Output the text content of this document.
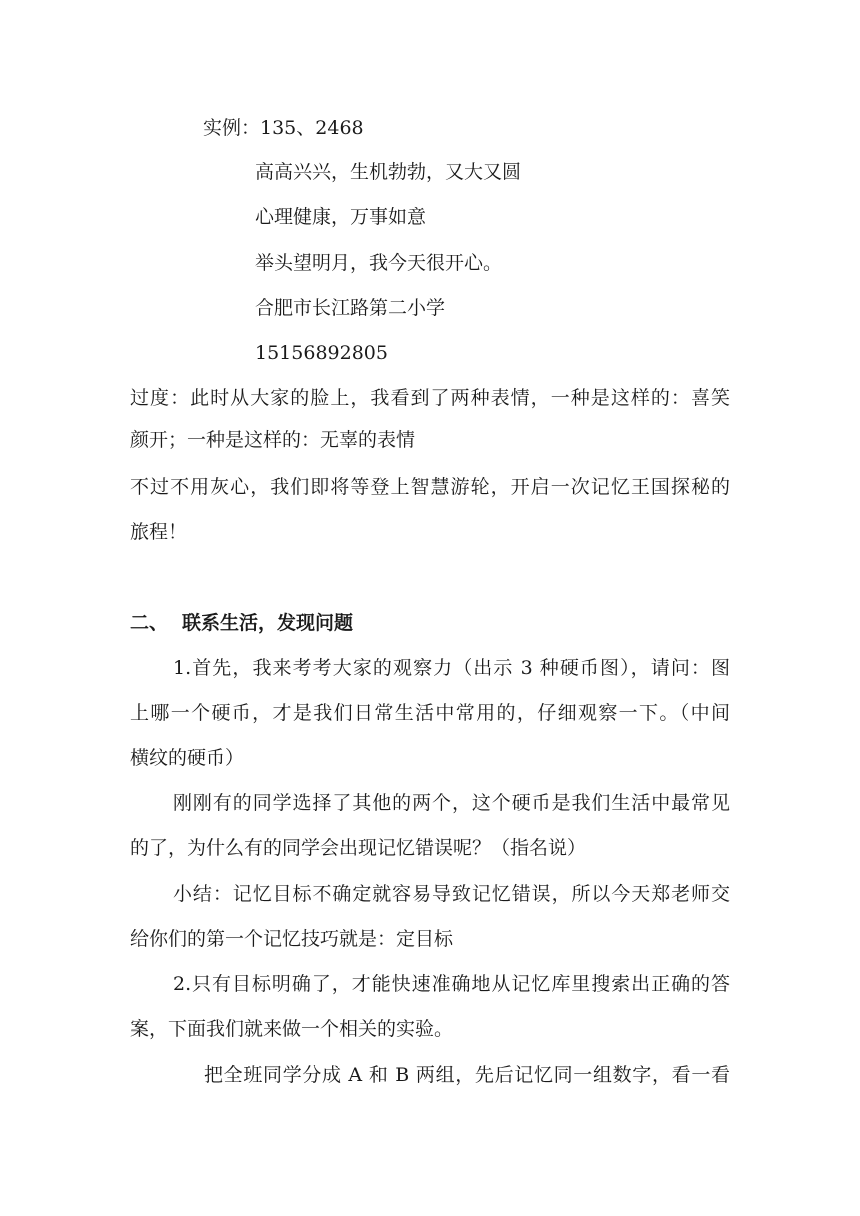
实例：135、2468
高高兴兴，生机勃勃，又大又圆
心理健康，万事如意
举头望明月，我今天很开心。
合肥市长江路第二小学
15156892805
过度：此时从大家的脸上，我看到了两种表情，一种是这样的：喜笑
颜开；一种是这样的：无辜的表情
不过不用灰心，我们即将等登上智慧游轮，开启一次记忆王国探秘的
旅程！
二、 联系生活，发现问题
1.首先，我来考考大家的观察力（出示 3 种硬币图），请问：图
上哪一个硬币，才是我们日常生活中常用的，仔细观察一下。（中间
横纹的硬币）
刚刚有的同学选择了其他的两个，这个硬币是我们生活中最常见
的了，为什么有的同学会出现记忆错误呢？（指名说）
小结：记忆目标不确定就容易导致记忆错误，所以今天郑老师交
给你们的第一个记忆技巧就是：定目标
2.只有目标明确了，才能快速准确地从记忆库里搜索出正确的答
案，下面我们就来做一个相关的实验。
把全班同学分成 A 和 B 两组，先后记忆同一组数字，看一看
